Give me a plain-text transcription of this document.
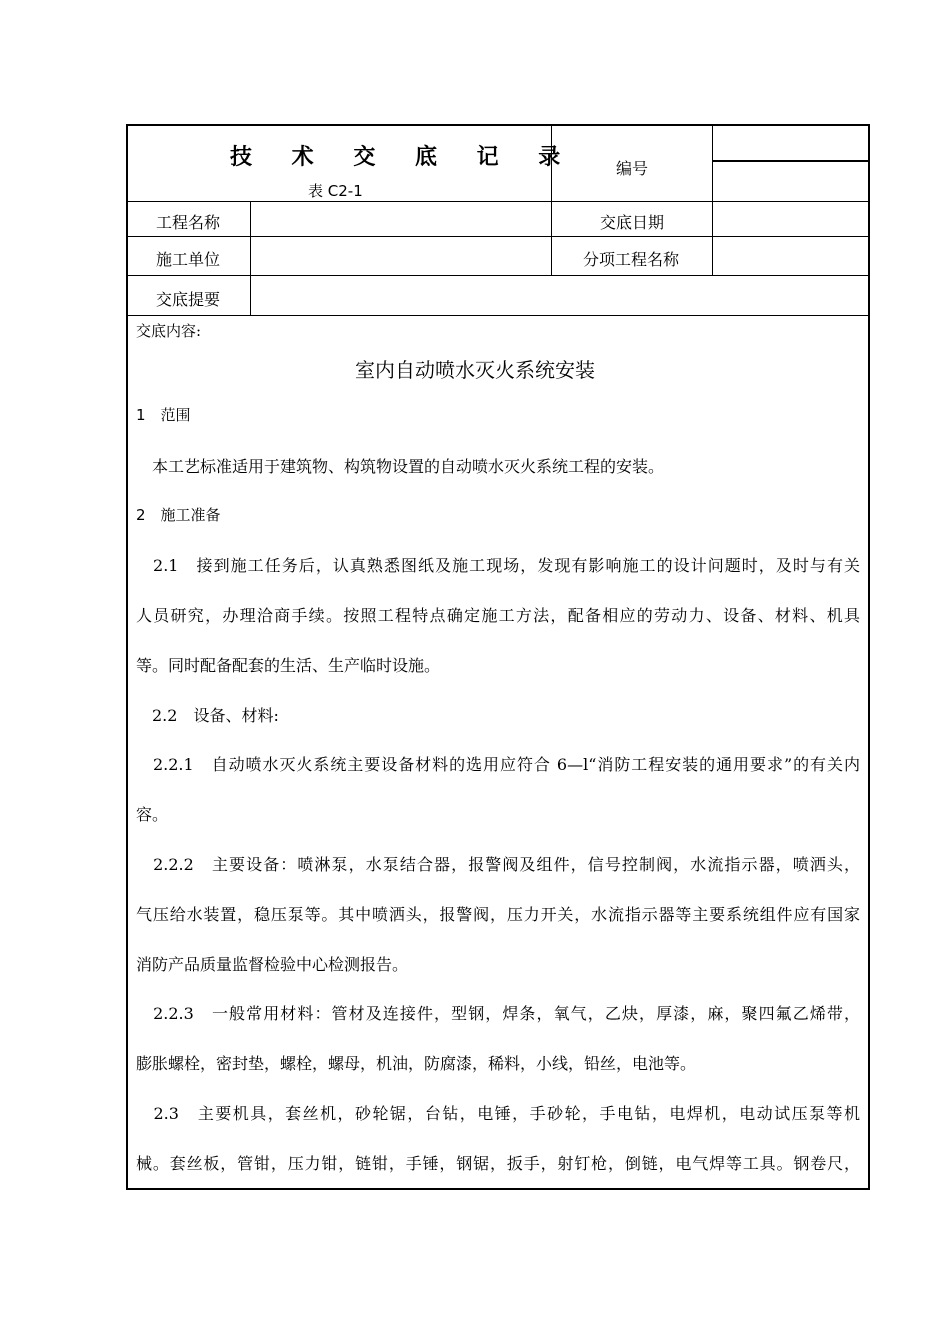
技 术 交 底 记 录
表 C2-1
编号
工程名称	交底日期
施工单位	分项工程名称
交底提要
交底内容:
室内自动喷水灭火系统安装
1　范围
　本工艺标准适用于建筑物、构筑物设置的自动喷水灭火系统工程的安装。
2　施工准备
　2.1　接到施工任务后，认真熟悉图纸及施工现场，发现有影响施工的设计问题时，及时与有关
人员研究，办理洽商手续。按照工程特点确定施工方法，配备相应的劳动力、设备、材料、机具
等。同时配备配套的生活、生产临时设施。
　2.2　设备、材料:
　2.2.1　自动喷水灭火系统主要设备材料的选用应符合 6—l“消防工程安装的通用要求”的有关内
容。
　2.2.2　主要设备：喷淋泵，水泵结合器，报警阀及组件，信号控制阀，水流指示器，喷洒头，
气压给水装置，稳压泵等。其中喷洒头，报警阀，压力开关，水流指示器等主要系统组件应有国家
消防产品质量监督检验中心检测报告。
　2.2.3　一般常用材料：管材及连接件，型钢，焊条，氧气，乙炔，厚漆，麻，聚四氟乙烯带，
膨胀螺栓，密封垫，螺栓，螺母，机油，防腐漆，稀料，小线，铅丝，电池等。
　2.3　主要机具，套丝机，砂轮锯，台钻，电锤，手砂轮，手电钻，电焊机，电动试压泵等机
械。套丝板，管钳，压力钳，链钳，手锤，钢锯，扳手，射钉枪，倒链，电气焊等工具。钢卷尺，
